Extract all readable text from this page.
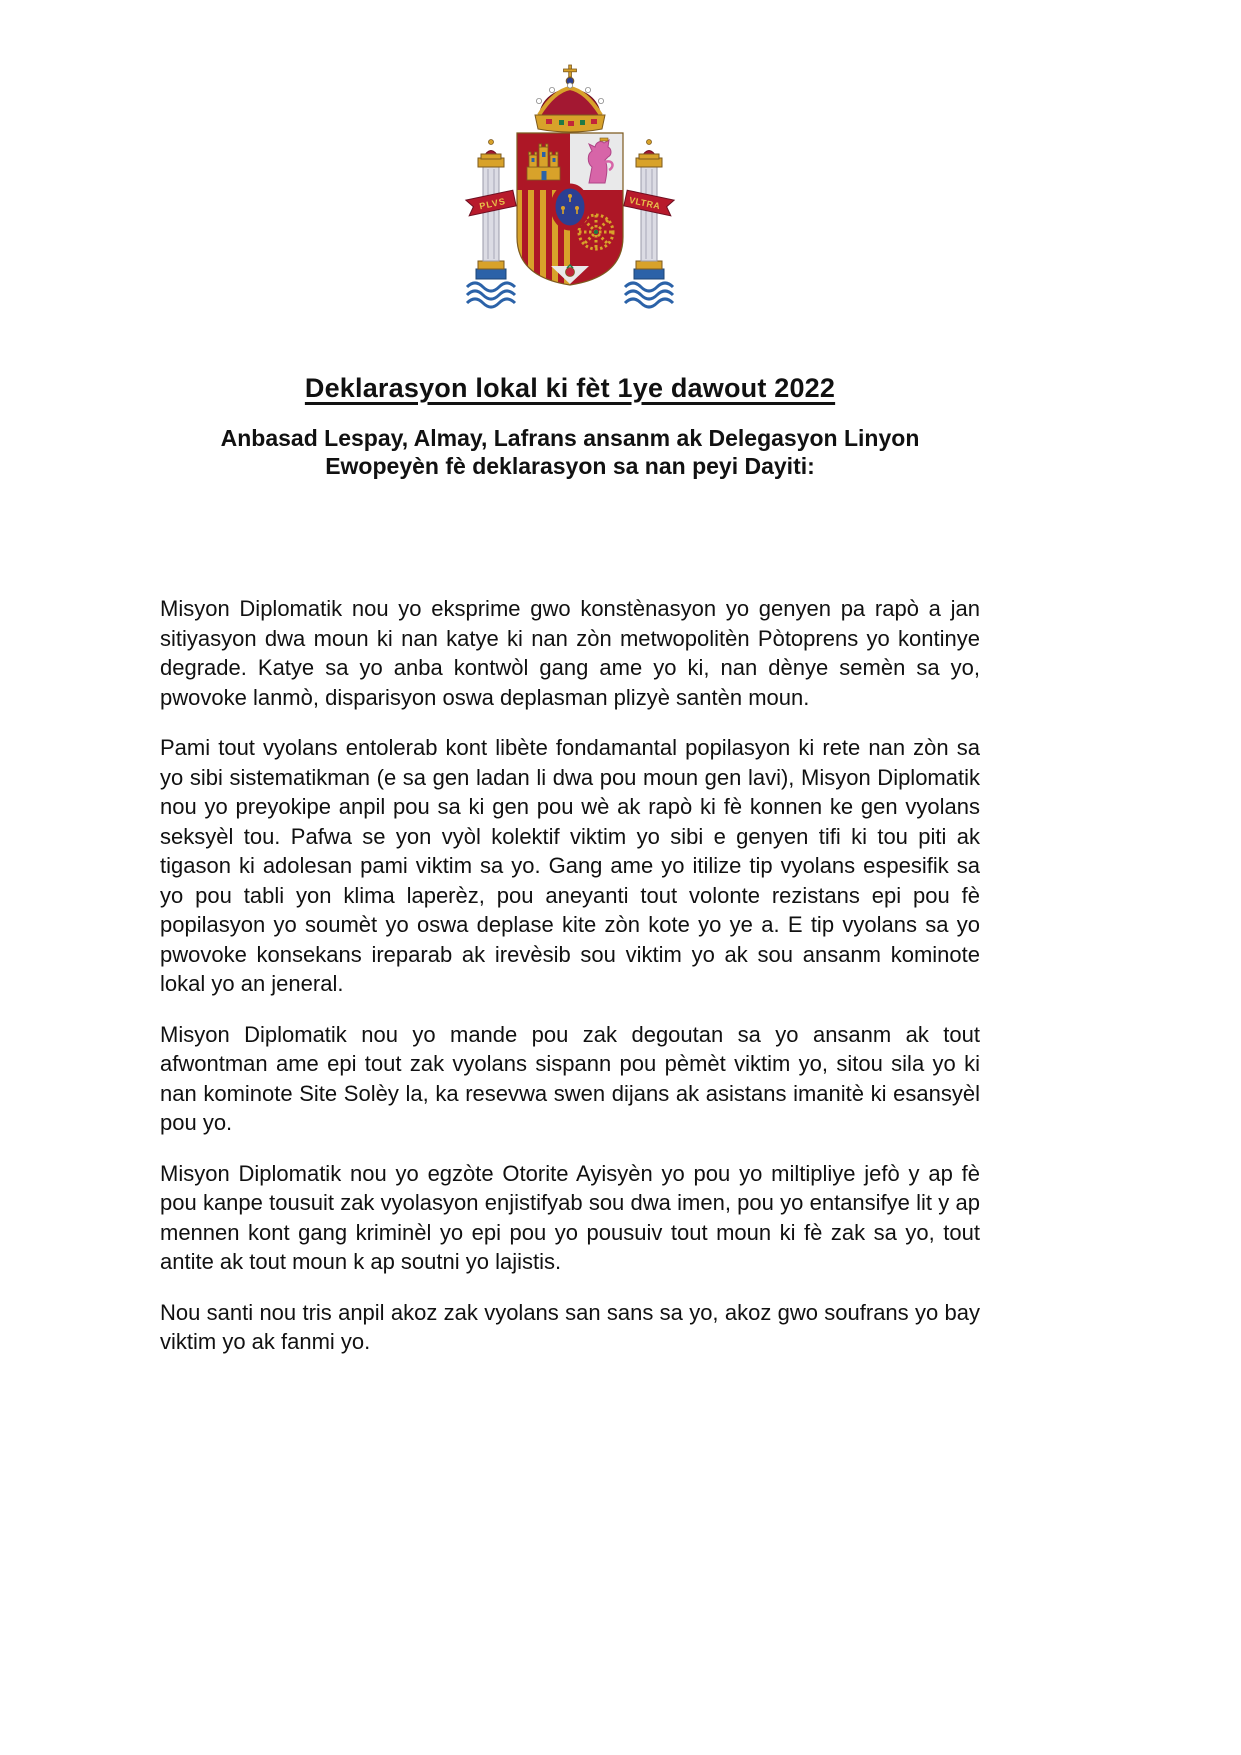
PLVS	VLTRA
Deklarasyon lokal ki fèt 1ye dawout 2022
Anbasad Lespay, Almay, Lafrans ansanm ak Delegasyon Linyon Ewopeyèn fè deklarasyon sa nan peyi Dayiti:

Misyon Diplomatik nou yo eksprime gwo konstènasyon yo genyen pa rapò a jan sitiyasyon dwa moun ki nan katye ki nan zòn metwopolitèn Pòtoprens yo kontinye degrade. Katye sa yo anba kontwòl gang ame yo ki, nan dènye semèn sa yo, pwovoke lanmò, disparisyon oswa deplasman plizyè santèn moun.

Pami tout vyolans entolerab kont libète fondamantal popilasyon ki rete nan zòn sa yo sibi sistematikman (e sa gen ladan li dwa pou moun gen lavi), Misyon Diplomatik nou yo preyokipe anpil pou sa ki gen pou wè ak rapò ki fè konnen ke gen vyolans seksyèl tou. Pafwa se yon vyòl kolektif viktim yo sibi e genyen tifi ki tou piti ak tigason ki adolesan pami viktim sa yo. Gang ame yo itilize tip vyolans espesifik sa yo pou tabli yon klima laperèz, pou aneyanti tout volonte rezistans epi pou fè popilasyon yo soumèt yo oswa deplase kite zòn kote yo ye a. E tip vyolans sa yo pwovoke konsekans ireparab ak irevèsib sou viktim yo ak sou ansanm kominote lokal yo an jeneral.

Misyon Diplomatik nou yo mande pou zak degoutan sa yo ansanm ak tout afwontman ame epi tout zak vyolans sispann pou pèmèt viktim yo, sitou sila yo ki nan kominote Site Solèy la, ka resevwa swen dijans ak asistans imanitè ki esansyèl pou yo.

Misyon Diplomatik nou yo egzòte Otorite Ayisyèn yo pou yo miltipliye jefò y ap fè pou kanpe tousuit zak vyolasyon enjistifyab sou dwa imen, pou yo entansifye lit y ap mennen kont gang kriminèl yo epi pou yo pousuiv tout moun ki fè zak sa yo, tout antite ak tout moun k ap soutni yo lajistis.

Nou santi nou tris anpil akoz zak vyolans san sans sa yo, akoz gwo soufrans yo bay viktim yo ak fanmi yo.
